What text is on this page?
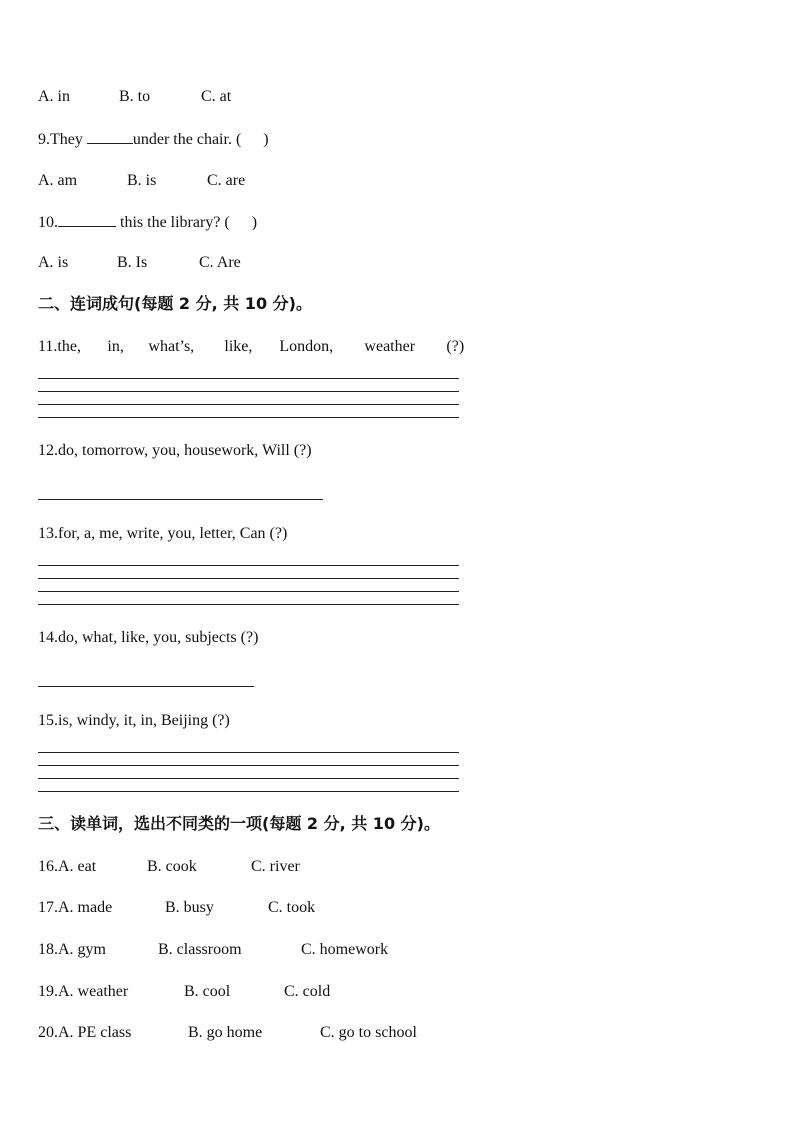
A. in	B. to	C. at
9.They	under the chair. ( )
A. am	B. is	C. are
10.	this the library? ( )
A. is	B. Is	C. Are
二、连词成句(每题 2 分, 共 10 分)。
11.the, in, what’s, like, London, weather (?)
12.do, tomorrow, you, housework, Will (?)
13.for, a, me, write, you, letter, Can (?)
14.do, what, like, you, subjects (?)
15.is, windy, it, in, Beijing (?)
三、读单词，选出不同类的一项(每题 2 分, 共 10 分)。
16.A. eat	B. cook	C. river
17.A. made	B. busy	C. took
18.A. gym	B. classroom	C. homework
19.A. weather	B. cool	C. cold
20.A. PE class	B. go home	C. go to school
